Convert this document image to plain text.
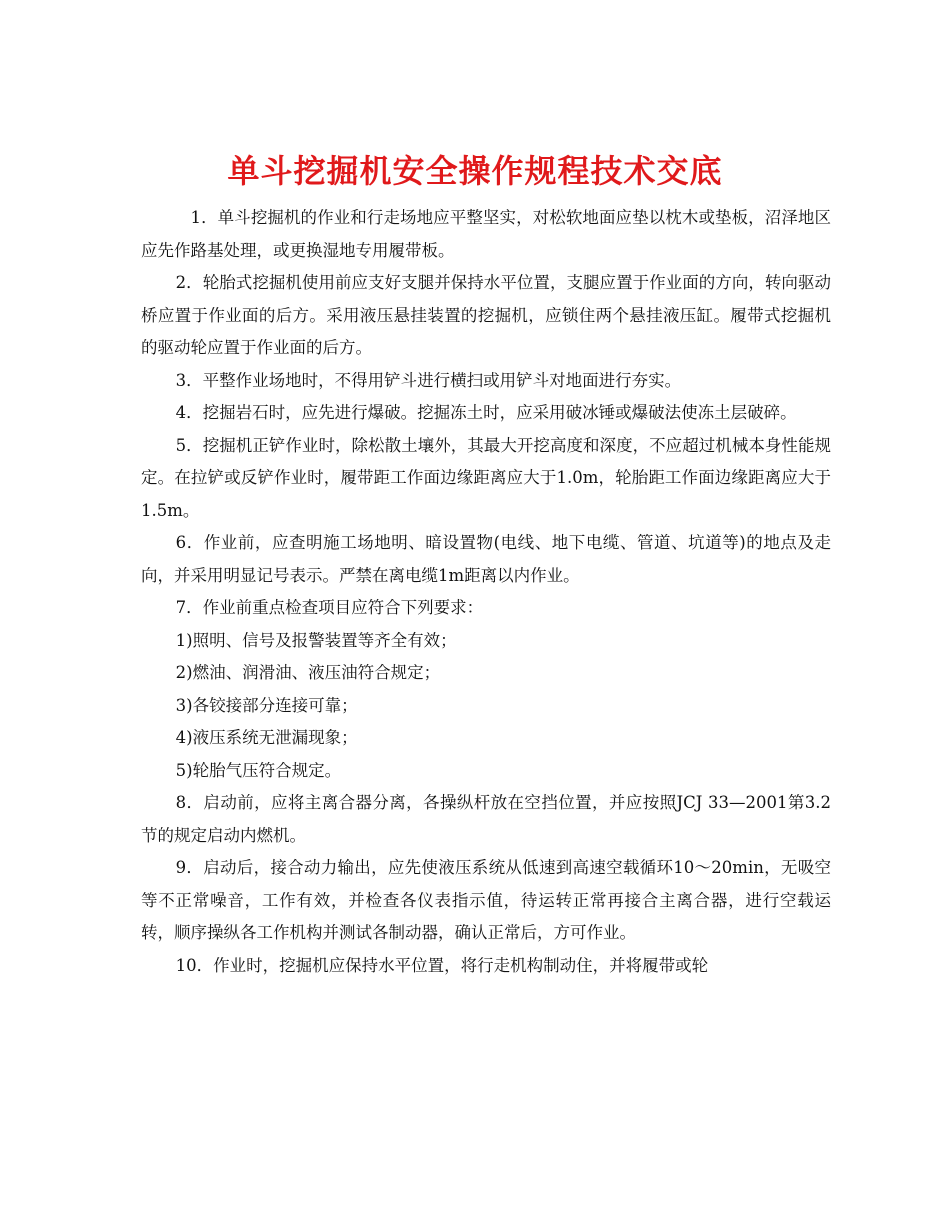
单斗挖掘机安全操作规程技术交底

1．单斗挖掘机的作业和行走场地应平整坚实，对松软地面应垫以枕木或垫板，沼泽地区应先作路基处理，或更换湿地专用履带板。

2．轮胎式挖掘机使用前应支好支腿并保持水平位置，支腿应置于作业面的方向，转向驱动桥应置于作业面的后方。采用液压悬挂装置的挖掘机，应锁住两个悬挂液压缸。履带式挖掘机的驱动轮应置于作业面的后方。

3．平整作业场地时，不得用铲斗进行横扫或用铲斗对地面进行夯实。

4．挖掘岩石时，应先进行爆破。挖掘冻土时，应采用破冰锤或爆破法使冻土层破碎。

5．挖掘机正铲作业时，除松散土壤外，其最大开挖高度和深度，不应超过机械本身性能规定。在拉铲或反铲作业时，履带距工作面边缘距离应大于1.0m，轮胎距工作面边缘距离应大于1.5m。

6．作业前，应查明施工场地明、暗设置物(电线、地下电缆、管道、坑道等)的地点及走向，并采用明显记号表示。严禁在离电缆1m距离以内作业。

7．作业前重点检查项目应符合下列要求：

1)照明、信号及报警装置等齐全有效；

2)燃油、润滑油、液压油符合规定；

3)各铰接部分连接可靠；

4)液压系统无泄漏现象；

5)轮胎气压符合规定。

8．启动前，应将主离合器分离，各操纵杆放在空挡位置，并应按照JCJ 33—2001第3.2节的规定启动内燃机。

9．启动后，接合动力输出，应先使液压系统从低速到高速空载循环10～20min，无吸空等不正常噪音，工作有效，并检查各仪表指示值，待运转正常再接合主离合器，进行空载运转，顺序操纵各工作机构并测试各制动器，确认正常后，方可作业。

10．作业时，挖掘机应保持水平位置，将行走机构制动住，并将履带或轮
